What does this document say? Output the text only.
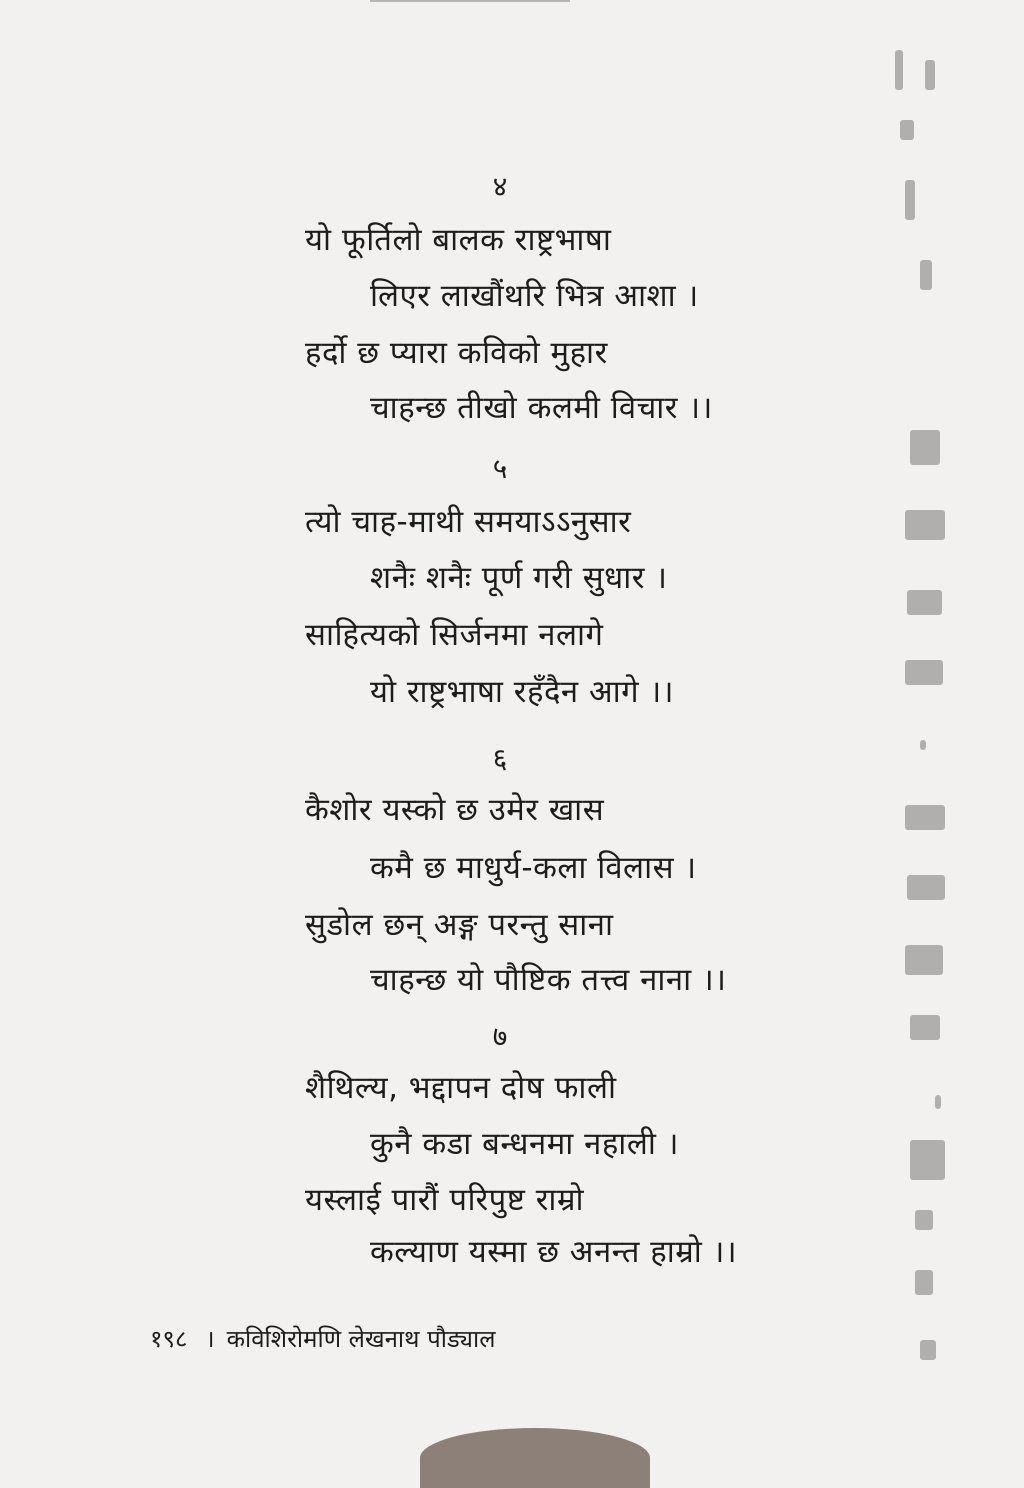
४
यो फूर्तिलो बालक राष्ट्रभाषा
लिएर लाखौंथरि भित्र आशा ।
हर्दो छ प्यारा कविको मुहार
चाहन्छ तीखो कलमी विचार ।।
५
त्यो चाह-माथी समयाऽऽनुसार
शनैः शनैः पूर्ण गरी सुधार ।
साहित्यको सिर्जनमा नलागे
यो राष्ट्रभाषा रहँदैन आगे ।।
६
कैशोर यस्को छ उमेर खास
कमै छ माधुर्य-कला विलास ।
सुडोल छन् अङ्ग परन्तु साना
चाहन्छ यो पौष्टिक तत्त्व नाना ।।
७
शैथिल्य, भद्दापन दोष फाली
कुनै कडा बन्धनमा नहाली ।
यस्लाई पारौं परिपुष्ट राम्रो
कल्याण यस्मा छ अनन्त हाम्रो ।।
१९८ । कविशिरोमणि लेखनाथ पौड्याल
